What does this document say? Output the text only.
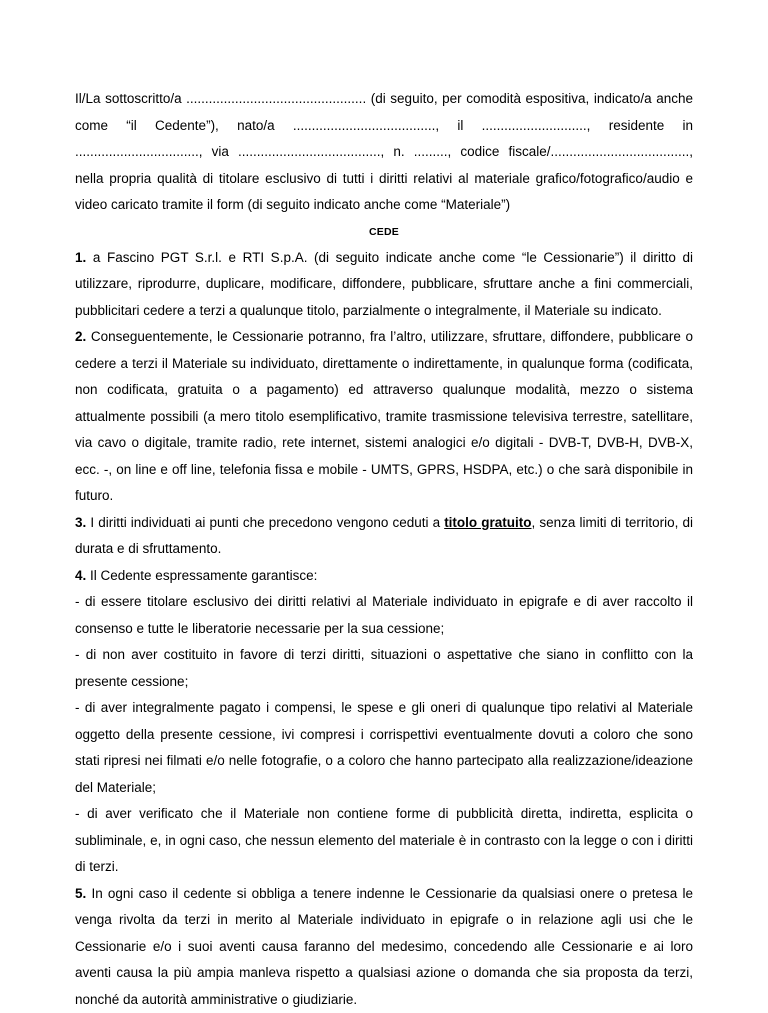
Il/La sottoscritto/a ................................................ (di seguito, per comodità espositiva, indicato/a anche come “il Cedente”), nato/a ......................................, il ............................, residente in ................................., via ......................................, n. ........., codice fiscale/....................................., nella propria qualità di titolare esclusivo di tutti i diritti relativi al materiale grafico/fotografico/audio e video caricato tramite il form (di seguito indicato anche come “Materiale”)

CEDE

1. a Fascino PGT S.r.l. e RTI S.p.A. (di seguito indicate anche come “le Cessionarie”) il diritto di utilizzare, riprodurre, duplicare, modificare, diffondere, pubblicare, sfruttare anche a fini commerciali, pubblicitari cedere a terzi a qualunque titolo, parzialmente o integralmente, il Materiale su indicato.

2. Conseguentemente, le Cessionarie potranno, fra l’altro, utilizzare, sfruttare, diffondere, pubblicare o cedere a terzi il Materiale su individuato, direttamente o indirettamente, in qualunque forma (codificata, non codificata, gratuita o a pagamento) ed attraverso qualunque modalità, mezzo o sistema attualmente possibili (a mero titolo esemplificativo, tramite trasmissione televisiva terrestre, satellitare, via cavo o digitale, tramite radio, rete internet, sistemi analogici e/o digitali - DVB-T, DVB-H, DVB-X, ecc. -, on line e off line, telefonia fissa e mobile - UMTS, GPRS, HSDPA, etc.) o che sarà disponibile in futuro.

3. I diritti individuati ai punti che precedono vengono ceduti a titolo gratuito, senza limiti di territorio, di durata e di sfruttamento.

4. Il Cedente espressamente garantisce:

- di essere titolare esclusivo dei diritti relativi al Materiale individuato in epigrafe e di aver raccolto il consenso e tutte le liberatorie necessarie per la sua cessione;

- di non aver costituito in favore di terzi diritti, situazioni o aspettative che siano in conflitto con la presente cessione;

- di aver integralmente pagato i compensi, le spese e gli oneri di qualunque tipo relativi al Materiale oggetto della presente cessione, ivi compresi i corrispettivi eventualmente dovuti a coloro che sono stati ripresi nei filmati e/o nelle fotografie, o a coloro che hanno partecipato alla realizzazione/ideazione del Materiale;

- di aver verificato che il Materiale non contiene forme di pubblicità diretta, indiretta, esplicita o subliminale, e, in ogni caso, che nessun elemento del materiale è in contrasto con la legge o con i diritti di terzi.

5. In ogni caso il cedente si obbliga a tenere indenne le Cessionarie da qualsiasi onere o pretesa le venga rivolta da terzi in merito al Materiale individuato in epigrafe o in relazione agli usi che le Cessionarie e/o i suoi aventi causa faranno del medesimo, concedendo alle Cessionarie e ai loro aventi causa la più ampia manleva rispetto a qualsiasi azione o domanda che sia proposta da terzi, nonché da autorità amministrative o giudiziarie.
